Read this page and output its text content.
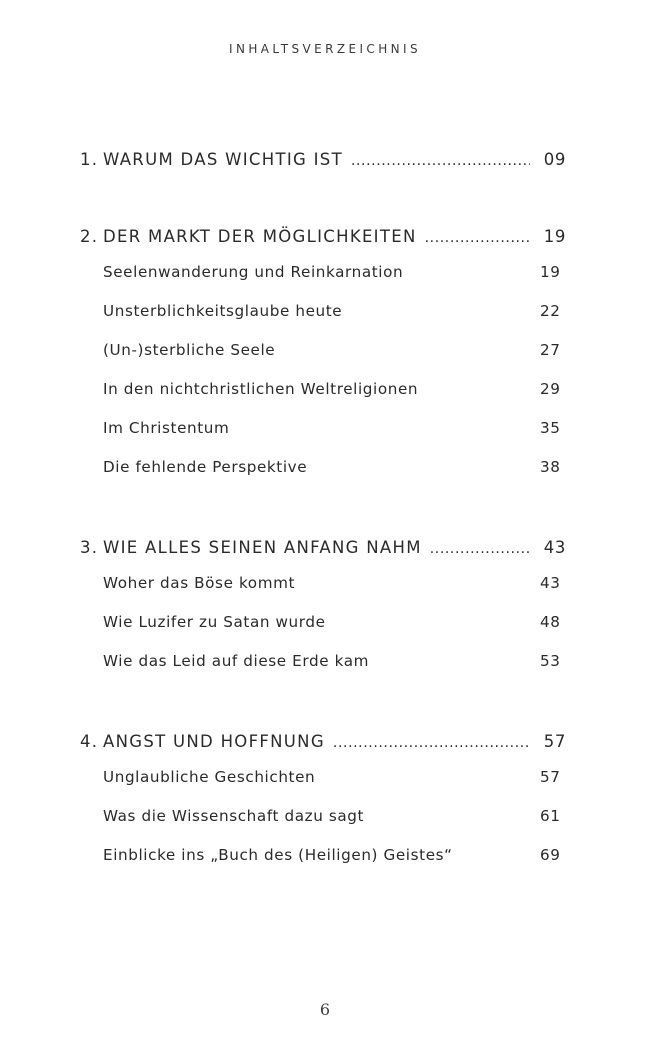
INHALTSVERZEICHNIS
1. WARUM DAS WICHTIG IST .....	09
2. DER MARKT DER MÖGLICHKEITEN .....	19
Seelenwanderung und Reinkarnation	19
Unsterblichkeitsglaube heute	22
(Un-)sterbliche Seele	27
In den nichtchristlichen Weltreligionen	29
Im Christentum	35
Die fehlende Perspektive	38
3. WIE ALLES SEINEN ANFANG NAHM .....	43
Woher das Böse kommt	43
Wie Luzifer zu Satan wurde	48
Wie das Leid auf diese Erde kam	53
4. ANGST UND HOFFNUNG .....	57
Unglaubliche Geschichten	57
Was die Wissenschaft dazu sagt	61
Einblicke ins „Buch des (Heiligen) Geistes“	69
6
